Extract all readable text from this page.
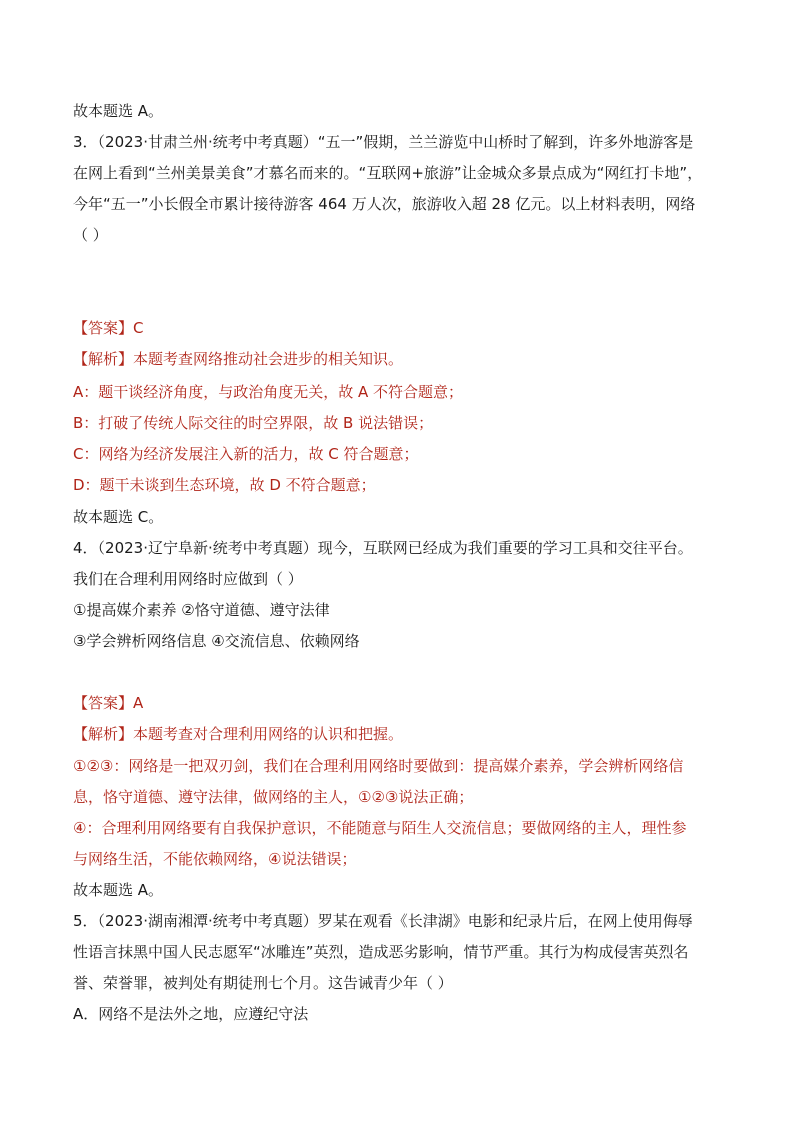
故本题选 A。
3．（2023·甘肃兰州·统考中考真题）“五一”假期，兰兰游览中山桥时了解到，许多外地游客是
在网上看到“兰州美景美食”才慕名而来的。“互联网+旅游”让金城众多景点成为“网红打卡地”，
今年“五一”小长假全市累计接待游客 464 万人次，旅游收入超 28 亿元。以上材料表明，网络
（ ）
【答案】C
【解析】本题考查网络推动社会进步的相关知识。
A：题干谈经济角度，与政治角度无关，故 A 不符合题意；
B：打破了传统人际交往的时空界限，故 B 说法错误；
C：网络为经济发展注入新的活力，故 C 符合题意；
D：题干未谈到生态环境，故 D 不符合题意；
故本题选 C。
4．（2023·辽宁阜新·统考中考真题）现今，互联网已经成为我们重要的学习工具和交往平台。
我们在合理利用网络时应做到（ ）
①提高媒介素养 ②恪守道德、遵守法律
③学会辨析网络信息 ④交流信息、依赖网络
【答案】A
【解析】本题考查对合理利用网络的认识和把握。
①②③：网络是一把双刃剑，我们在合理利用网络时要做到：提高媒介素养，学会辨析网络信
息，恪守道德、遵守法律，做网络的主人，①②③说法正确；
④：合理利用网络要有自我保护意识，不能随意与陌生人交流信息；要做网络的主人，理性参
与网络生活，不能依赖网络，④说法错误；
故本题选 A。
5．（2023·湖南湘潭·统考中考真题）罗某在观看《长津湖》电影和纪录片后，在网上使用侮辱
性语言抹黑中国人民志愿军“冰雕连”英烈，造成恶劣影响，情节严重。其行为构成侵害英烈名
誉、荣誉罪，被判处有期徒刑七个月。这告诫青少年（ ）
A．网络不是法外之地，应遵纪守法
